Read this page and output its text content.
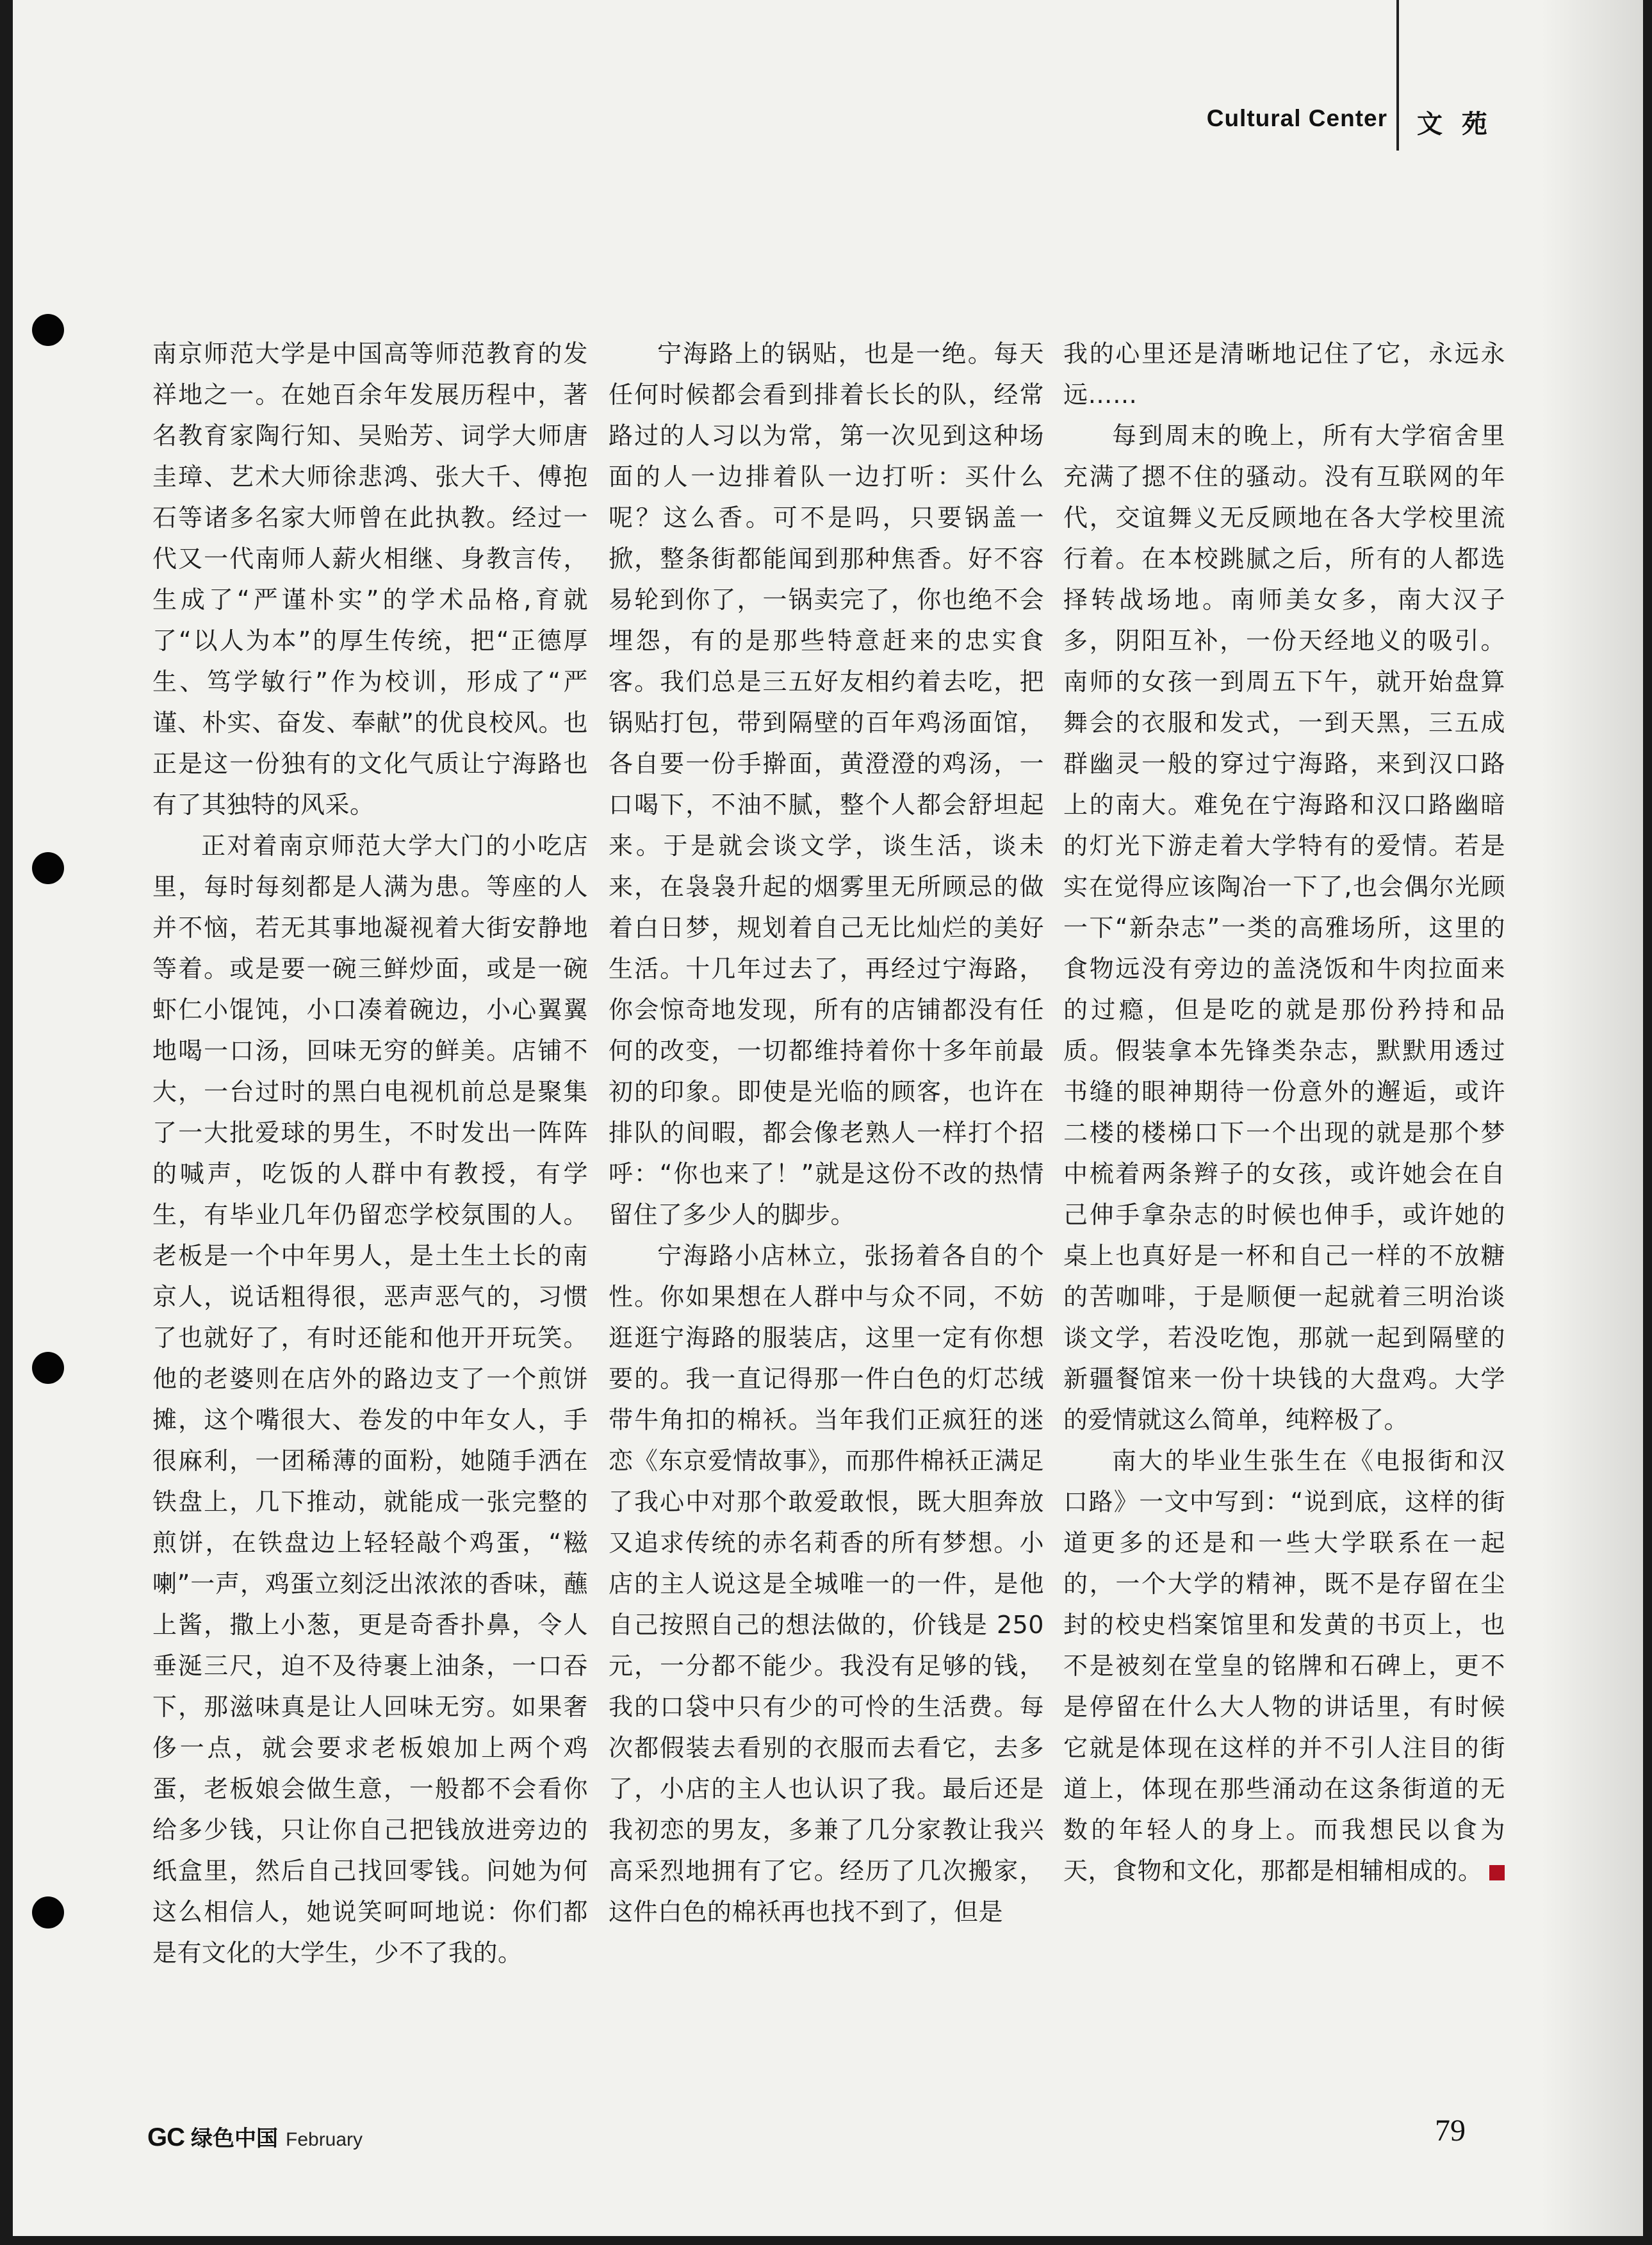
Cultural Center 文 苑

南京师范大学是中国高等师范教育的发祥地之一。在她百余年发展历程中，著名教育家陶行知、吴贻芳、词学大师唐圭璋、艺术大师徐悲鸿、张大千、傅抱石等诸多名家大师曾在此执教。经过一代又一代南师人薪火相继、身教言传，生成了“严谨朴实”的学术品格,育就了“以人为本”的厚生传统，把“正德厚生、笃学敏行”作为校训，形成了“严谨、朴实、奋发、奉献”的优良校风。也正是这一份独有的文化气质让宁海路也有了其独特的风采。

正对着南京师范大学大门的小吃店里，每时每刻都是人满为患。等座的人并不恼，若无其事地凝视着大街安静地等着。或是要一碗三鲜炒面，或是一碗虾仁小馄饨，小口凑着碗边，小心翼翼地喝一口汤，回味无穷的鲜美。店铺不大，一台过时的黑白电视机前总是聚集了一大批爱球的男生，不时发出一阵阵的喊声，吃饭的人群中有教授，有学生，有毕业几年仍留恋学校氛围的人。老板是一个中年男人，是土生土长的南京人，说话粗得很，恶声恶气的，习惯了也就好了，有时还能和他开开玩笑。他的老婆则在店外的路边支了一个煎饼摊，这个嘴很大、卷发的中年女人，手很麻利，一团稀薄的面粉，她随手洒在铁盘上，几下推动，就能成一张完整的煎饼，在铁盘边上轻轻敲个鸡蛋，“糍喇”一声，鸡蛋立刻泛出浓浓的香味，蘸上酱，撒上小葱，更是奇香扑鼻，令人垂涎三尺，迫不及待裹上油条，一口吞下，那滋味真是让人回味无穷。如果奢侈一点，就会要求老板娘加上两个鸡蛋，老板娘会做生意，一般都不会看你给多少钱，只让你自己把钱放进旁边的纸盒里，然后自己找回零钱。问她为何这么相信人，她说笑呵呵地说：你们都是有文化的大学生，少不了我的。

宁海路上的锅贴，也是一绝。每天任何时候都会看到排着长长的队，经常路过的人习以为常，第一次见到这种场面的人一边排着队一边打听：买什么呢？这么香。可不是吗，只要锅盖一掀，整条街都能闻到那种焦香。好不容易轮到你了，一锅卖完了，你也绝不会埋怨，有的是那些特意赶来的忠实食客。我们总是三五好友相约着去吃，把锅贴打包，带到隔壁的百年鸡汤面馆，各自要一份手擀面，黄澄澄的鸡汤，一口喝下，不油不腻，整个人都会舒坦起来。于是就会谈文学，谈生活，谈未来，在袅袅升起的烟雾里无所顾忌的做着白日梦，规划着自己无比灿烂的美好生活。十几年过去了，再经过宁海路，你会惊奇地发现，所有的店铺都没有任何的改变，一切都维持着你十多年前最初的印象。即使是光临的顾客，也许在排队的间暇，都会像老熟人一样打个招呼：“你也来了！”就是这份不改的热情留住了多少人的脚步。

宁海路小店林立，张扬着各自的个性。你如果想在人群中与众不同，不妨逛逛宁海路的服装店，这里一定有你想要的。我一直记得那一件白色的灯芯绒带牛角扣的棉袄。当年我们正疯狂的迷恋《东京爱情故事》，而那件棉袄正满足了我心中对那个敢爱敢恨，既大胆奔放又追求传统的赤名莉香的所有梦想。小店的主人说这是全城唯一的一件，是他自己按照自己的想法做的，价钱是 250元，一分都不能少。我没有足够的钱，我的口袋中只有少的可怜的生活费。每次都假装去看别的衣服而去看它，去多了，小店的主人也认识了我。最后还是我初恋的男友，多兼了几分家教让我兴高采烈地拥有了它。经历了几次搬家，这件白色的棉袄再也找不到了，但是

我的心里还是清晰地记住了它，永远永远……

每到周末的晚上，所有大学宿舍里充满了摁不住的骚动。没有互联网的年代，交谊舞义无反顾地在各大学校里流行着。在本校跳腻之后，所有的人都选择转战场地。南师美女多，南大汉子多，阴阳互补，一份天经地义的吸引。南师的女孩一到周五下午，就开始盘算舞会的衣服和发式，一到天黑，三五成群幽灵一般的穿过宁海路，来到汉口路上的南大。难免在宁海路和汉口路幽暗的灯光下游走着大学特有的爱情。若是实在觉得应该陶冶一下了,也会偶尔光顾一下“新杂志”一类的高雅场所，这里的食物远没有旁边的盖浇饭和牛肉拉面来的过瘾，但是吃的就是那份矜持和品质。假装拿本先锋类杂志，默默用透过书缝的眼神期待一份意外的邂逅，或许二楼的楼梯口下一个出现的就是那个梦中梳着两条辫子的女孩，或许她会在自己伸手拿杂志的时候也伸手，或许她的桌上也真好是一杯和自己一样的不放糖的苦咖啡，于是顺便一起就着三明治谈谈文学，若没吃饱，那就一起到隔壁的新疆餐馆来一份十块钱的大盘鸡。大学的爱情就这么简单，纯粹极了。

南大的毕业生张生在《电报街和汉口路》一文中写到：“说到底，这样的街道更多的还是和一些大学联系在一起的，一个大学的精神，既不是存留在尘封的校史档案馆里和发黄的书页上，也不是被刻在堂皇的铭牌和石碑上，更不是停留在什么大人物的讲话里，有时候它就是体现在这样的并不引人注目的街道上，体现在那些涌动在这条街道的无数的年轻人的身上。而我想民以食为天，食物和文化，那都是相辅相成的。

GC 绿色中国 February	79
